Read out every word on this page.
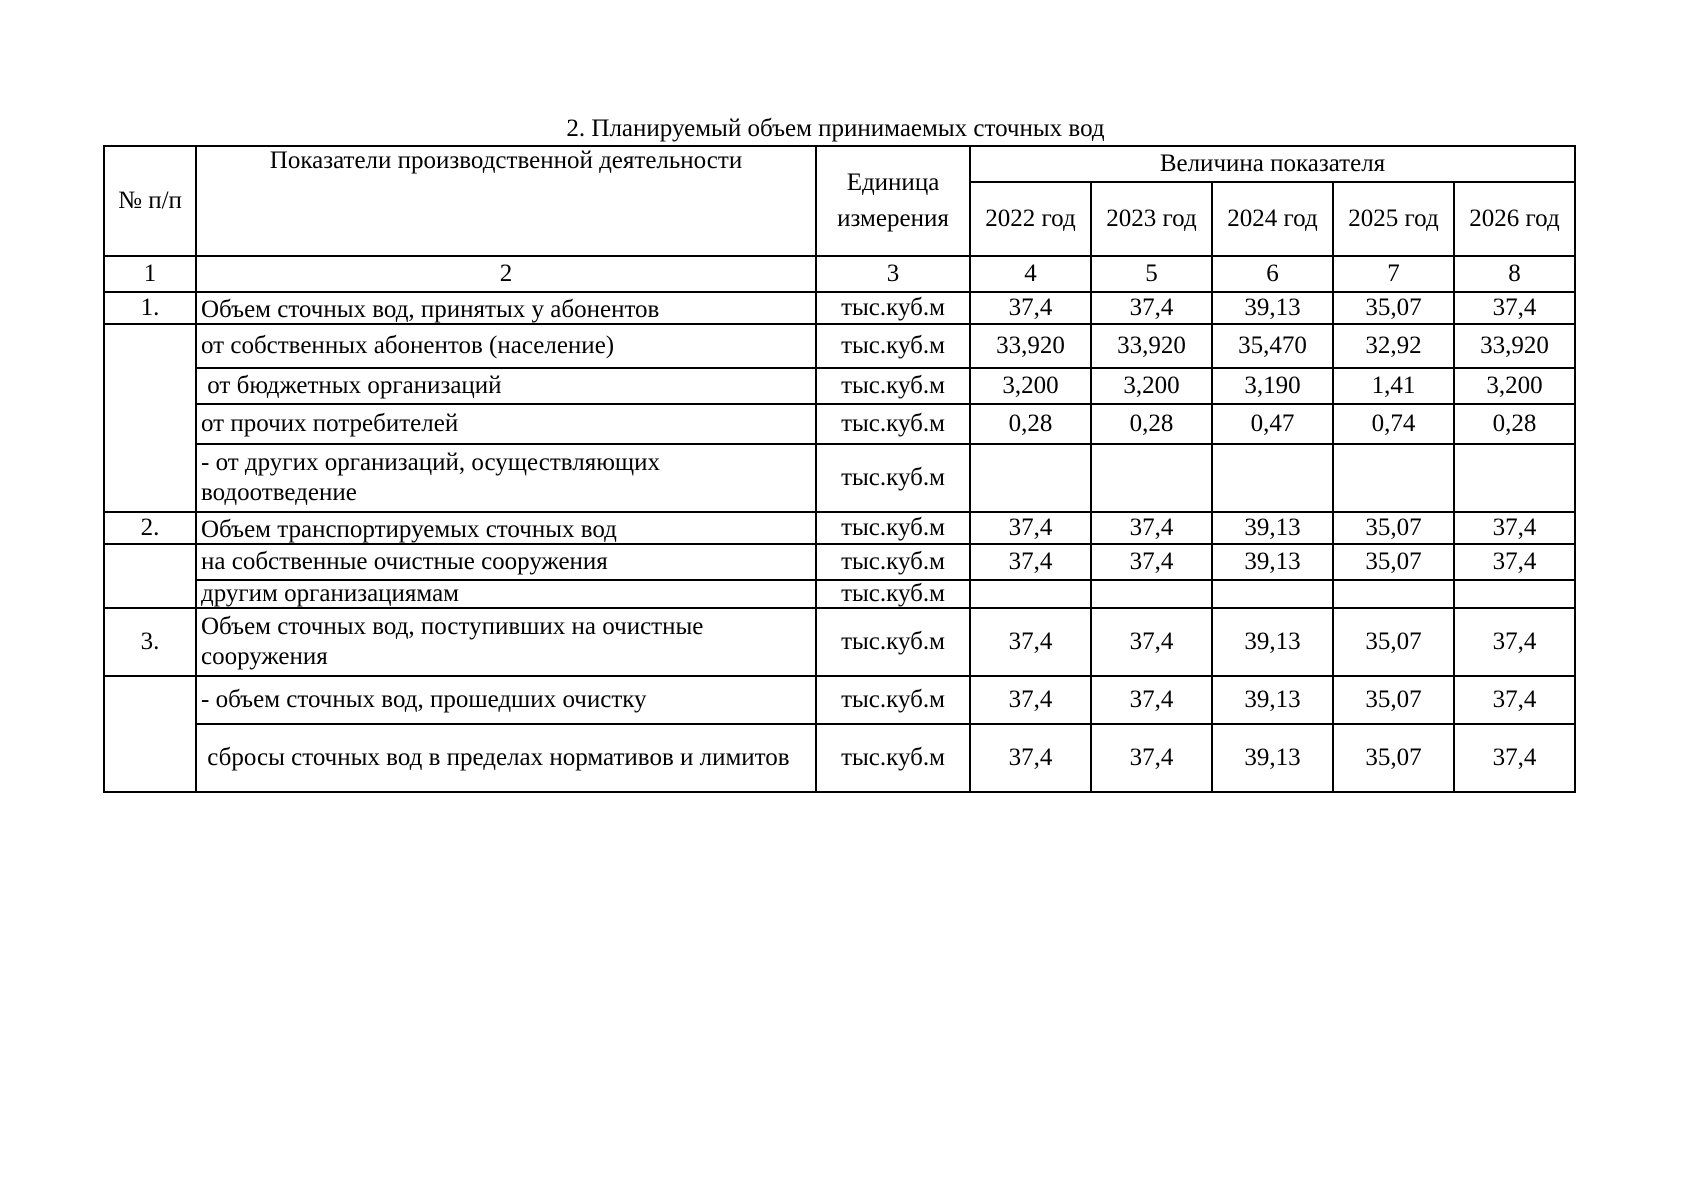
2. Планируемый объем принимаемых сточных вод
№ п/п	Показатели производственной деятельности	Единица измерения	Величина показателя				
			2022 год	2023 год	2024 год	2025 год	2026 год
1	2	3	4	5	6	7	8
1.	Объем сточных вод, принятых у абонентов	тыс.куб.м	37,4	37,4	39,13	35,07	37,4
	от собственных абонентов (население)	тыс.куб.м	33,920	33,920	35,470	32,92	33,920
	от бюджетных организаций	тыс.куб.м	3,200	3,200	3,190	1,41	3,200
	от прочих потребителей	тыс.куб.м	0,28	0,28	0,47	0,74	0,28
	- от других организаций, осуществляющих водоотведение	тыс.куб.м					
2.	Объем транспортируемых сточных вод	тыс.куб.м	37,4	37,4	39,13	35,07	37,4
	на собственные очистные сооружения	тыс.куб.м	37,4	37,4	39,13	35,07	37,4
	другим организациямам	тыс.куб.м					
3.	Объем сточных вод, поступивших на очистные сооружения	тыс.куб.м	37,4	37,4	39,13	35,07	37,4
	- объем сточных вод, прошедших очистку	тыс.куб.м	37,4	37,4	39,13	35,07	37,4
	сбросы сточных вод в пределах нормативов и лимитов	тыс.куб.м	37,4	37,4	39,13	35,07	37,4
